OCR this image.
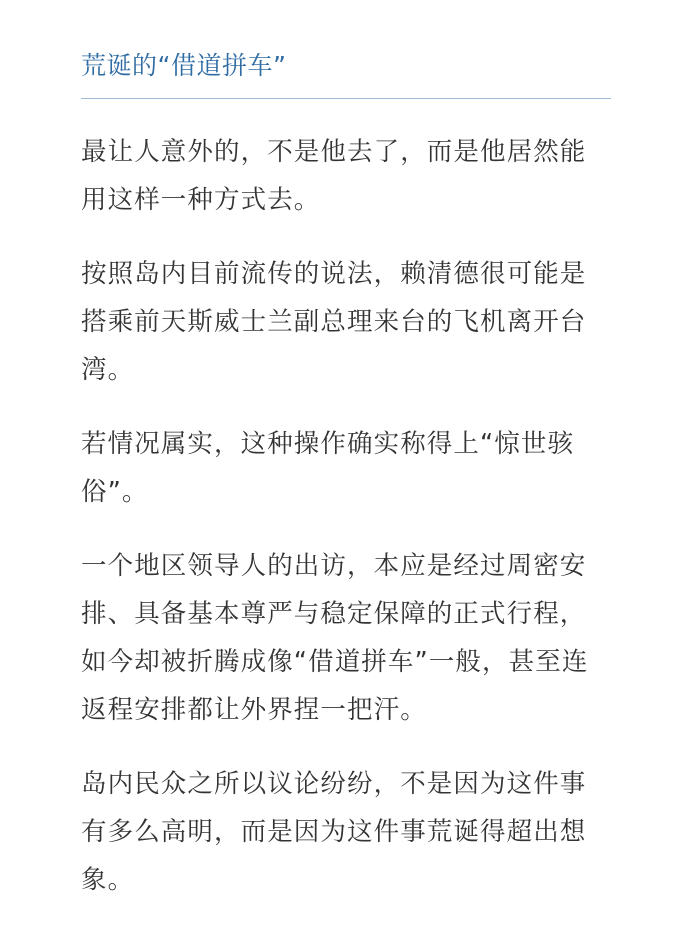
荒诞的“借道拼车”

最让人意外的，不是他去了，而是他居然能用这样一种方式去。

按照岛内目前流传的说法，赖清德很可能是搭乘前天斯威士兰副总理来台的飞机离开台湾。

若情况属实，这种操作确实称得上“惊世骇俗”。

一个地区领导人的出访，本应是经过周密安排、具备基本尊严与稳定保障的正式行程，如今却被折腾成像“借道拼车”一般，甚至连返程安排都让外界捏一把汗。

岛内民众之所以议论纷纷，不是因为这件事有多么高明，而是因为这件事荒诞得超出想象。
